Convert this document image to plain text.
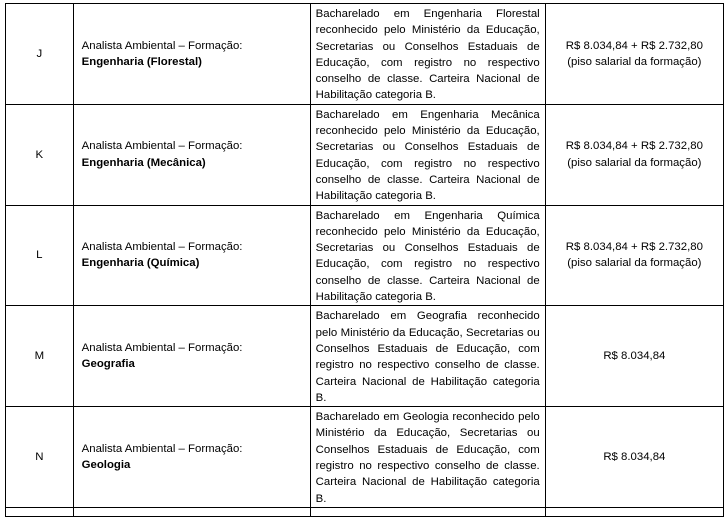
J	Analista Ambiental – Formação:
Engenharia (Florestal)	Bacharelado em Engenharia Florestal reconhecido pelo Ministério da Educação, Secretarias ou Conselhos Estaduais de Educação, com registro no respectivo conselho de classe. Carteira Nacional de Habilitação categoria B.	R$ 8.034,84 + R$ 2.732,80
(piso salarial da formação)

K	Analista Ambiental – Formação:
Engenharia (Mecânica)	Bacharelado em Engenharia Mecânica reconhecido pelo Ministério da Educação, Secretarias ou Conselhos Estaduais de Educação, com registro no respectivo conselho de classe. Carteira Nacional de Habilitação categoria B.	R$ 8.034,84 + R$ 2.732,80
(piso salarial da formação)

L	Analista Ambiental – Formação:
Engenharia (Química)	Bacharelado em Engenharia Química reconhecido pelo Ministério da Educação, Secretarias ou Conselhos Estaduais de Educação, com registro no respectivo conselho de classe. Carteira Nacional de Habilitação categoria B.	R$ 8.034,84 + R$ 2.732,80
(piso salarial da formação)

M	Analista Ambiental – Formação:
Geografia	Bacharelado em Geografia reconhecido pelo Ministério da Educação, Secretarias ou Conselhos Estaduais de Educação, com registro no respectivo conselho de classe. Carteira Nacional de Habilitação categoria B.	R$ 8.034,84

N	Analista Ambiental – Formação:
Geologia	Bacharelado em Geologia reconhecido pelo Ministério da Educação, Secretarias ou Conselhos Estaduais de Educação, com registro no respectivo conselho de classe. Carteira Nacional de Habilitação categoria B.	R$ 8.034,84
